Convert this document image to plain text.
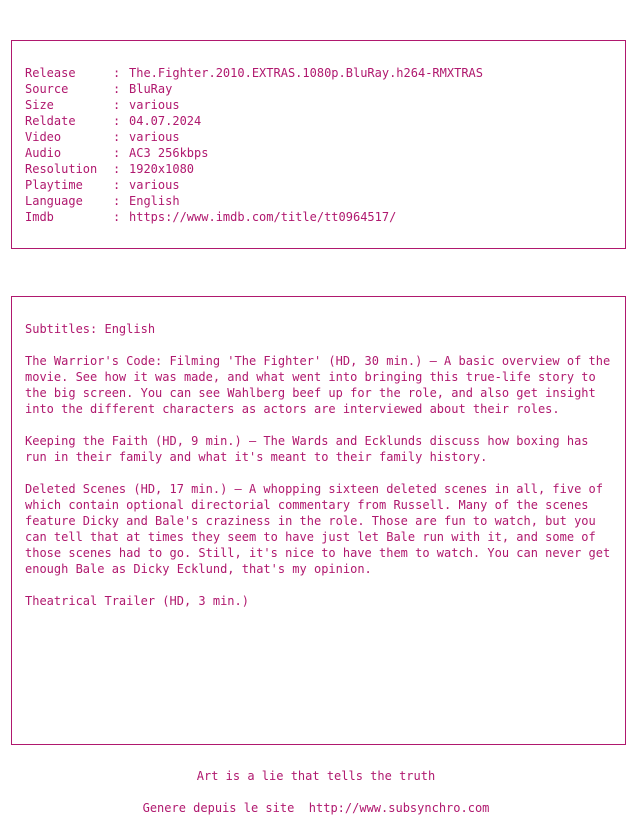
Release	: The.Fighter.2010.EXTRAS.1080p.BluRay.h264-RMXTRAS
Source	: BluRay
Size	: various
Reldate	: 04.07.2024
Video	: various
Audio	: AC3 256kbps
Resolution	: 1920x1080
Playtime	: various
Language	: English
Imdb	: https://www.imdb.com/title/tt0964517/

Subtitles: English

The Warrior's Code: Filming 'The Fighter' (HD, 30 min.) — A basic overview of the movie. See how it was made, and what went into bringing this true-life story to the big screen. You can see Wahlberg beef up for the role, and also get insight into the different characters as actors are interviewed about their roles.

Keeping the Faith (HD, 9 min.) — The Wards and Ecklunds discuss how boxing has run in their family and what it's meant to their family history.

Deleted Scenes (HD, 17 min.) — A whopping sixteen deleted scenes in all, five of which contain optional directorial commentary from Russell. Many of the scenes feature Dicky and Bale's craziness in the role. Those are fun to watch, but you can tell that at times they seem to have just let Bale run with it, and some of those scenes had to go. Still, it's nice to have them to watch. You can never get enough Bale as Dicky Ecklund, that's my opinion.

Theatrical Trailer (HD, 3 min.)

Art is a lie that tells the truth
Genere depuis le site  http://www.subsynchro.com
